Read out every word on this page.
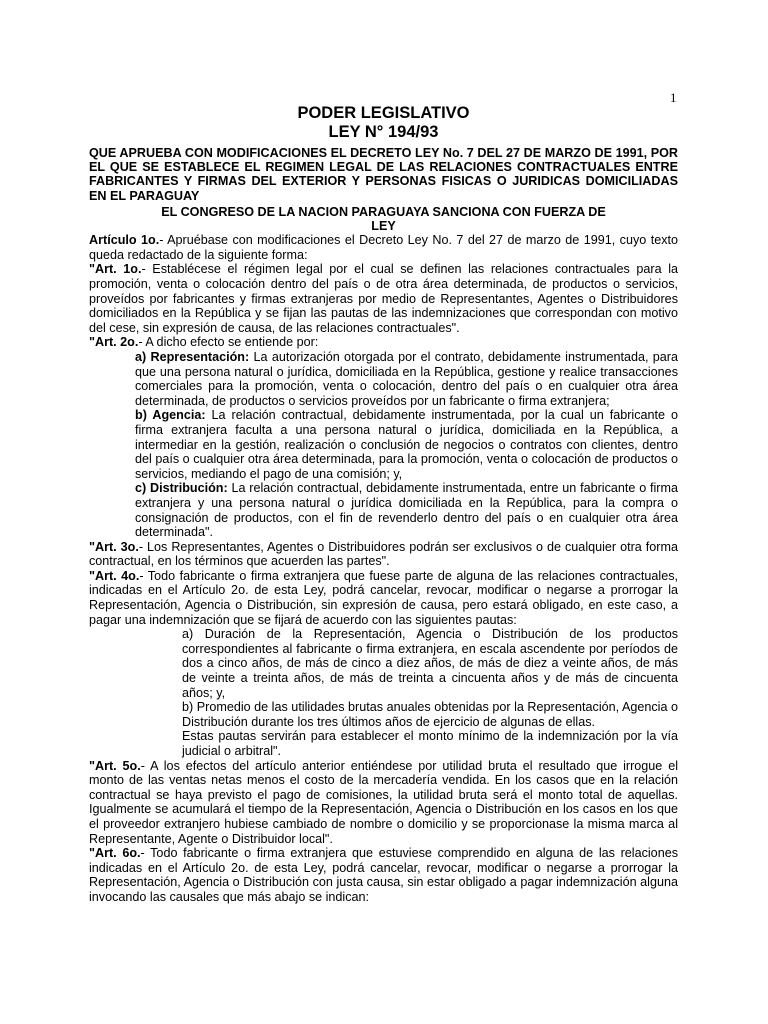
1
PODER LEGISLATIVO
LEY N° 194/93
QUE APRUEBA CON MODIFICACIONES EL DECRETO LEY No. 7 DEL 27 DE MARZO DE 1991, POR EL QUE SE ESTABLECE EL REGIMEN LEGAL DE LAS RELACIONES CONTRACTUALES ENTRE FABRICANTES Y FIRMAS DEL EXTERIOR Y PERSONAS FISICAS O JURIDICAS DOMICILIADAS EN EL PARAGUAY
EL CONGRESO DE LA NACION PARAGUAYA SANCIONA CON FUERZA DE LEY

Artículo 1o.- Apruébase con modificaciones el Decreto Ley No. 7 del 27 de marzo de 1991, cuyo texto queda redactado de la siguiente forma:

"Art. 1o.- Establécese el régimen legal por el cual se definen las relaciones contractuales para la promoción, venta o colocación dentro del país o de otra área determinada, de productos o servicios, proveídos por fabricantes y firmas extranjeras por medio de Representantes, Agentes o Distribuidores domiciliados en la República y se fijan las pautas de las indemnizaciones que correspondan con motivo del cese, sin expresión de causa, de las relaciones contractuales".

"Art. 2o.- A dicho efecto se entiende por:

a) Representación: La autorización otorgada por el contrato, debidamente instrumentada, para que una persona natural o jurídica, domiciliada en la República, gestione y realice transacciones comerciales para la promoción, venta o colocación, dentro del país o en cualquier otra área determinada, de productos o servicios proveídos por un fabricante o firma extranjera;

b) Agencia: La relación contractual, debidamente instrumentada, por la cual un fabricante o firma extranjera faculta a una persona natural o jurídica, domiciliada en la República, a intermediar en la gestión, realización o conclusión de negocios o contratos con clientes, dentro del país o cualquier otra área determinada, para la promoción, venta o colocación de productos o servicios, mediando el pago de una comisión; y,

c) Distribución: La relación contractual, debidamente instrumentada, entre un fabricante o firma extranjera y una persona natural o jurídica domiciliada en la República, para la compra o consignación de productos, con el fin de revenderlo dentro del país o en cualquier otra área determinada".

"Art. 3o.- Los Representantes, Agentes o Distribuidores podrán ser exclusivos o de cualquier otra forma contractual, en los términos que acuerden las partes".

"Art. 4o.- Todo fabricante o firma extranjera que fuese parte de alguna de las relaciones contractuales, indicadas en el Artículo 2o. de esta Ley, podrá cancelar, revocar, modificar o negarse a prorrogar la Representación, Agencia o Distribución, sin expresión de causa, pero estará obligado, en este caso, a pagar una indemnización que se fijará de acuerdo con las siguientes pautas:

a) Duración de la Representación, Agencia o Distribución de los productos correspondientes al fabricante o firma extranjera, en escala ascendente por períodos de dos a cinco años, de más de cinco a diez años, de más de diez a veinte años, de más de veinte a treinta años, de más de treinta a cincuenta años y de más de cincuenta años; y,

b) Promedio de las utilidades brutas anuales obtenidas por la Representación, Agencia o Distribución durante los tres últimos años de ejercicio de algunas de ellas.

Estas pautas servirán para establecer el monto mínimo de la indemnización por la vía judicial o arbitral".

"Art. 5o.- A los efectos del artículo anterior entiéndese por utilidad bruta el resultado que irrogue el monto de las ventas netas menos el costo de la mercadería vendida. En los casos que en la relación contractual se haya previsto el pago de comisiones, la utilidad bruta será el monto total de aquellas. Igualmente se acumulará el tiempo de la Representación, Agencia o Distribución en los casos en los que el proveedor extranjero hubiese cambiado de nombre o domicilio y se proporcionase la misma marca al Representante, Agente o Distribuidor local".

"Art. 6o.- Todo fabricante o firma extranjera que estuviese comprendido en alguna de las relaciones indicadas en el Artículo 2o. de esta Ley, podrá cancelar, revocar, modificar o negarse a prorrogar la Representación, Agencia o Distribución con justa causa, sin estar obligado a pagar indemnización alguna invocando las causales que más abajo se indican:
